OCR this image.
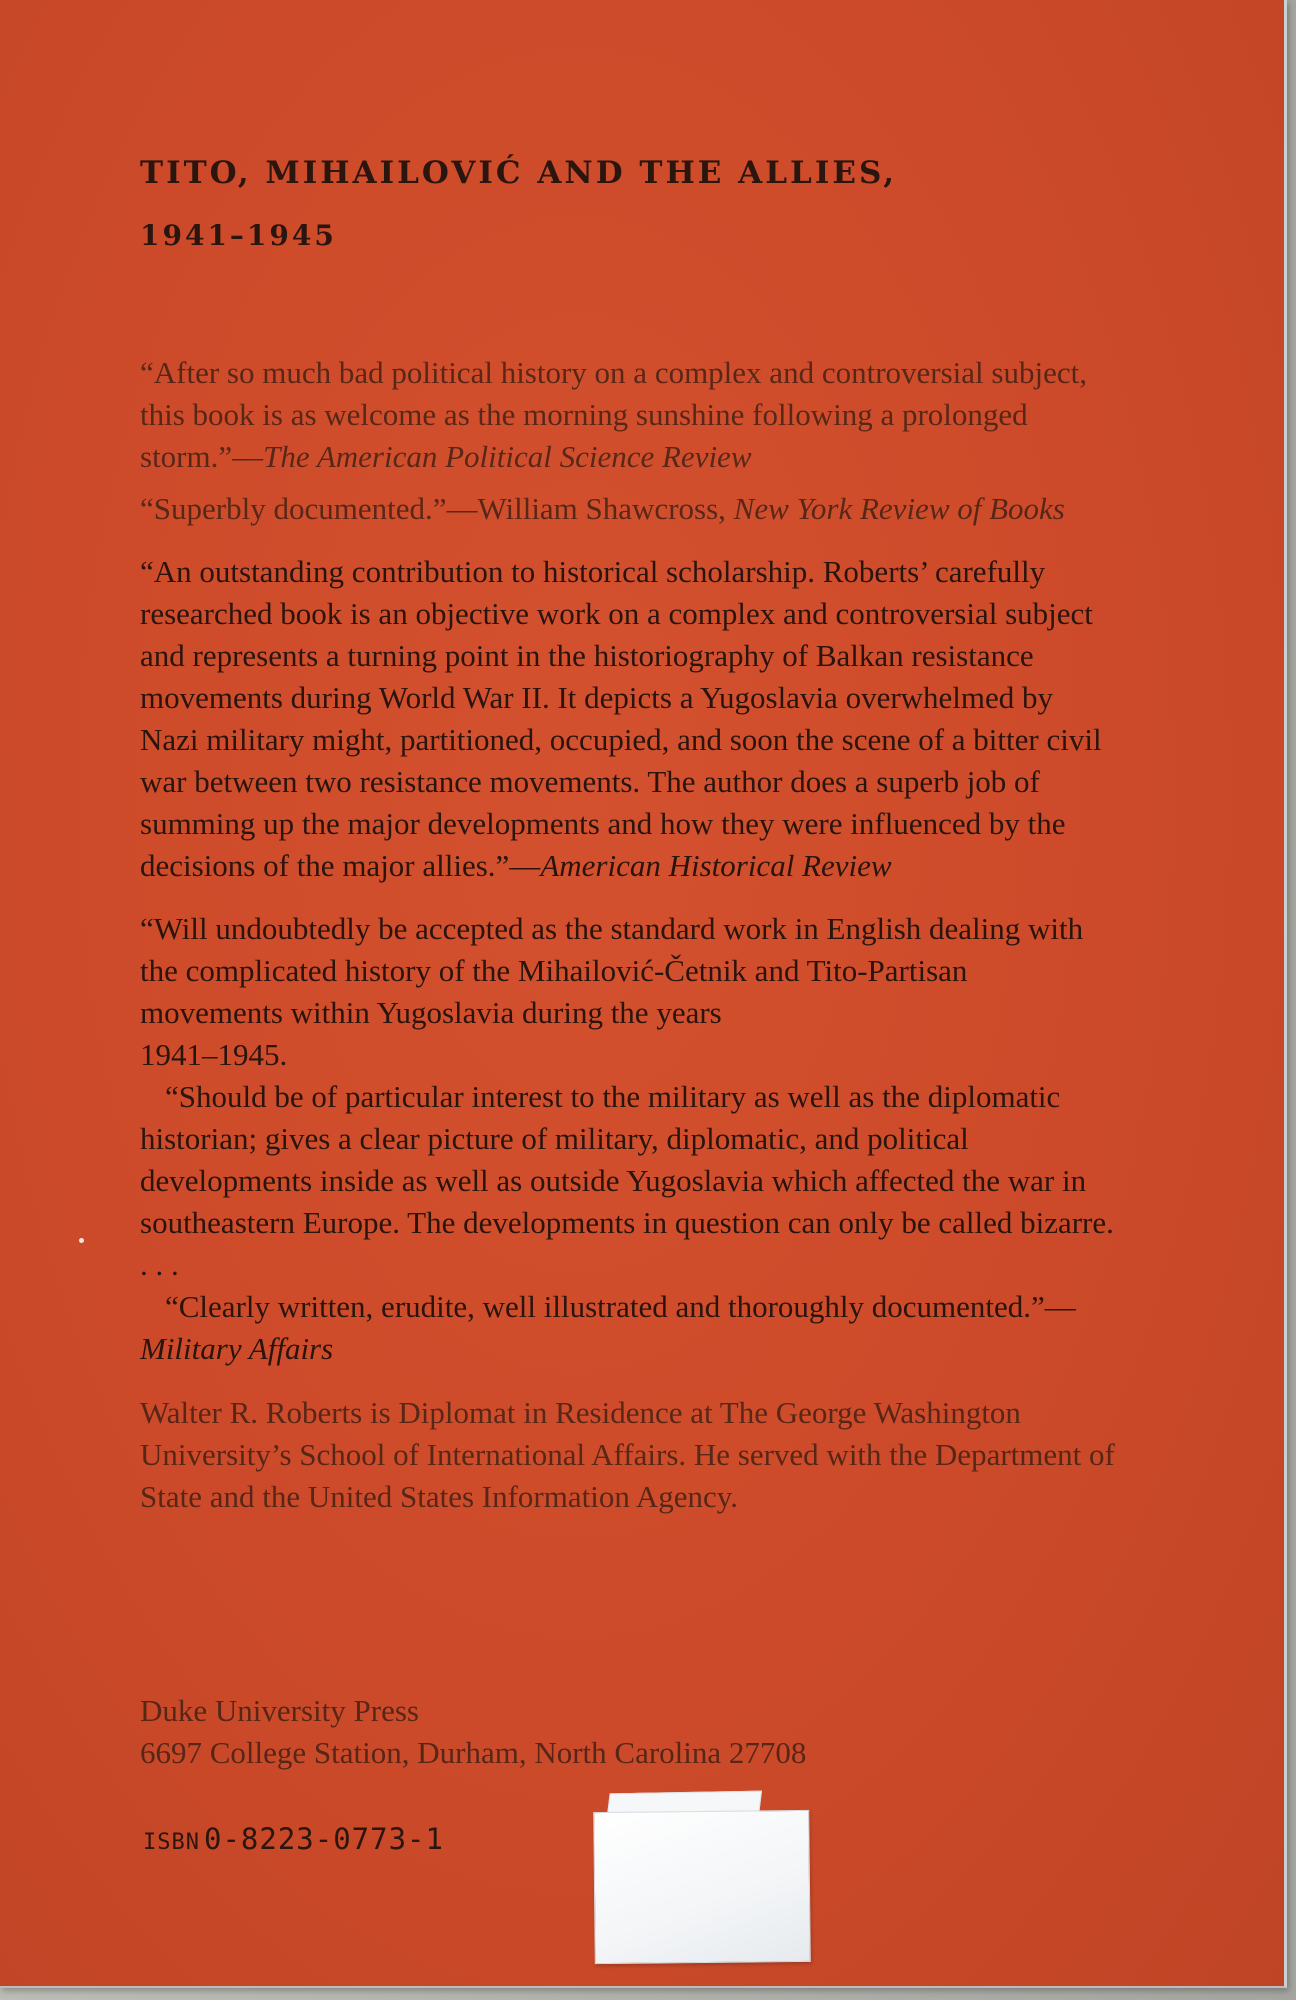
TITO, MIHAILOVIĆ AND THE ALLIES,
1941–1945

“After so much bad political history on a complex and controversial subject, this book is as welcome as the morning sunshine following a prolonged storm.”—The American Political Science Review

“Superbly documented.”—William Shawcross, New York Review of Books

“An outstanding contribution to historical scholarship. Roberts’ carefully researched book is an objective work on a complex and controversial subject and represents a turning point in the historiography of Balkan resistance movements during World War II. It depicts a Yugoslavia overwhelmed by Nazi military might, partitioned, occupied, and soon the scene of a bitter civil war between two resistance movements. The author does a superb job of summing up the major developments and how they were influenced by the decisions of the major allies.”—American Historical Review

“Will undoubtedly be accepted as the standard work in English dealing with the complicated history of the Mihailović-Četnik and Tito-Partisan movements within Yugoslavia during the years

1941–1945.

“Should be of particular interest to the military as well as the diplomatic historian; gives a clear picture of military, diplomatic, and political developments inside as well as outside Yugoslavia which affected the war in southeastern Europe. The developments in question can only be called bizarre. . . .

“Clearly written, erudite, well illustrated and thoroughly documented.”—Military Affairs

Walter R. Roberts is Diplomat in Residence at The George Washington University’s School of International Affairs. He served with the Department of State and the United States Information Agency.

Duke University Press
6697 College Station, Durham, North Carolina 27708
ISBN 0-8223-0773-1
